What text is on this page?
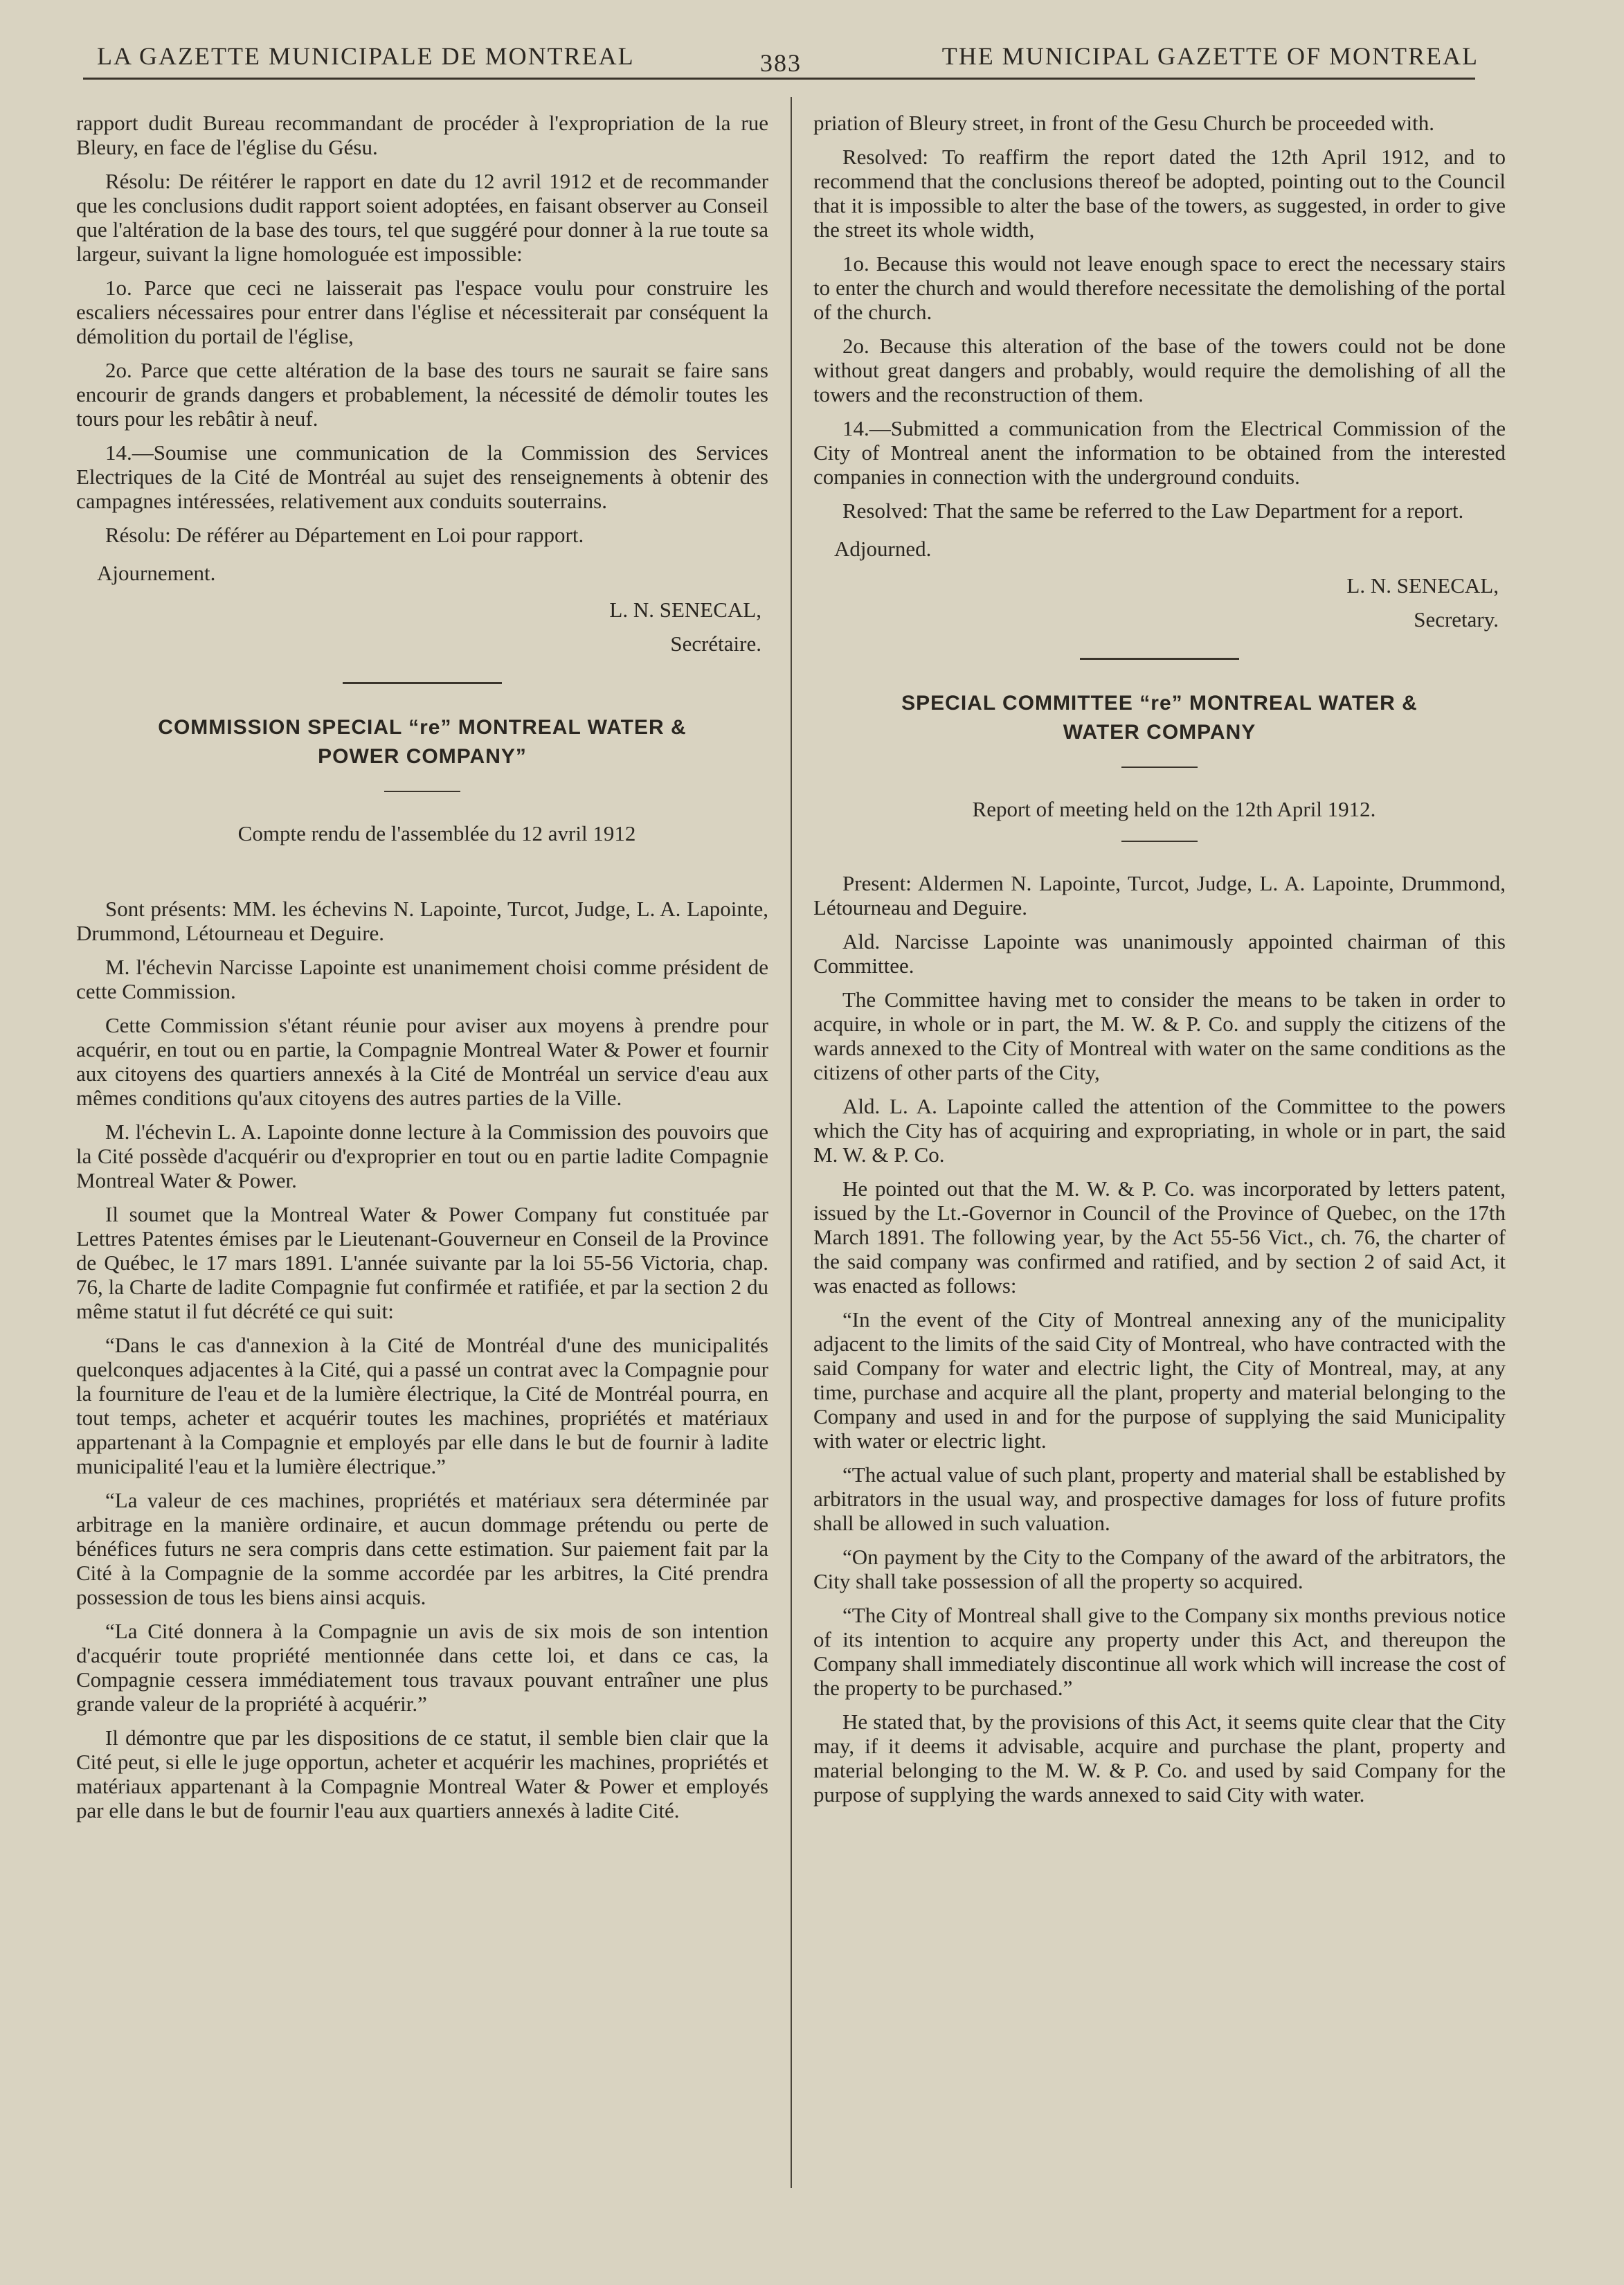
LA GAZETTE MUNICIPALE DE MONTREAL	383	THE MUNICIPAL GAZETTE OF MONTREAL

rapport dudit Bureau recommandant de procéder à l'expropriation de la rue Bleury, en face de l'église du Gésu.

Résolu: De réitérer le rapport en date du 12 avril 1912 et de recommander que les conclusions dudit rapport soient adoptées, en faisant observer au Conseil que l'altération de la base des tours, tel que suggéré pour donner à la rue toute sa largeur, suivant la ligne homologuée est impossible:

1o. Parce que ceci ne laisserait pas l'espace voulu pour construire les escaliers nécessaires pour entrer dans l'église et nécessiterait par conséquent la démolition du portail de l'église,

2o. Parce que cette altération de la base des tours ne saurait se faire sans encourir de grands dangers et probablement, la nécessité de démolir toutes les tours pour les rebâtir à neuf.

14.—Soumise une communication de la Commission des Services Electriques de la Cité de Montréal au sujet des renseignements à obtenir des campagnes intéressées, relativement aux conduits souterrains.

Résolu: De référer au Département en Loi pour rapport.

Ajournement.

L. N. SENECAL,

Secrétaire.

COMMISSION SPECIAL “re” MONTREAL WATER &
POWER COMPANY”

Compte rendu de l'assemblée du 12 avril 1912

Sont présents: MM. les échevins N. Lapointe, Turcot, Judge, L. A. Lapointe, Drummond, Létourneau et Deguire.

M. l'échevin Narcisse Lapointe est unanimement choisi comme président de cette Commission.

Cette Commission s'étant réunie pour aviser aux moyens à prendre pour acquérir, en tout ou en partie, la Compagnie Montreal Water & Power et fournir aux citoyens des quartiers annexés à la Cité de Montréal un service d'eau aux mêmes conditions qu'aux citoyens des autres parties de la Ville.

M. l'échevin L. A. Lapointe donne lecture à la Commission des pouvoirs que la Cité possède d'acquérir ou d'exproprier en tout ou en partie ladite Compagnie Montreal Water & Power.

Il soumet que la Montreal Water & Power Company fut constituée par Lettres Patentes émises par le Lieutenant-Gouverneur en Conseil de la Province de Québec, le 17 mars 1891. L'année suivante par la loi 55-56 Victoria, chap. 76, la Charte de ladite Compagnie fut confirmée et ratifiée, et par la section 2 du même statut il fut décrété ce qui suit:

“Dans le cas d'annexion à la Cité de Montréal d'une des municipalités quelconques adjacentes à la Cité, qui a passé un contrat avec la Compagnie pour la fourniture de l'eau et de la lumière électrique, la Cité de Montréal pourra, en tout temps, acheter et acquérir toutes les machines, propriétés et matériaux appartenant à la Compagnie et employés par elle dans le but de fournir à ladite municipalité l'eau et la lumière électrique.”

“La valeur de ces machines, propriétés et matériaux sera déterminée par arbitrage en la manière ordinaire, et aucun dommage prétendu ou perte de bénéfices futurs ne sera compris dans cette estimation. Sur paiement fait par la Cité à la Compagnie de la somme accordée par les arbitres, la Cité prendra possession de tous les biens ainsi acquis.

“La Cité donnera à la Compagnie un avis de six mois de son intention d'acquérir toute propriété mentionnée dans cette loi, et dans ce cas, la Compagnie cessera immédiatement tous travaux pouvant entraîner une plus grande valeur de la propriété à acquérir.”

Il démontre que par les dispositions de ce statut, il semble bien clair que la Cité peut, si elle le juge opportun, acheter et acquérir les machines, propriétés et matériaux appartenant à la Compagnie Montreal Water & Power et employés par elle dans le but de fournir l'eau aux quartiers annexés à ladite Cité.

priation of Bleury street, in front of the Gesu Church be proceeded with.

Resolved: To reaffirm the report dated the 12th April 1912, and to recommend that the conclusions thereof be adopted, pointing out to the Council that it is impossible to alter the base of the towers, as suggested, in order to give the street its whole width,

1o. Because this would not leave enough space to erect the necessary stairs to enter the church and would therefore necessitate the demolishing of the portal of the church.

2o. Because this alteration of the base of the towers could not be done without great dangers and probably, would require the demolishing of all the towers and the reconstruction of them.

14.—Submitted a communication from the Electrical Commission of the City of Montreal anent the information to be obtained from the interested companies in connection with the underground conduits.

Resolved: That the same be referred to the Law Department for a report.

Adjourned.

L. N. SENECAL,

Secretary.

SPECIAL COMMITTEE “re” MONTREAL WATER &
WATER COMPANY

Report of meeting held on the 12th April 1912.

Present: Aldermen N. Lapointe, Turcot, Judge, L. A. Lapointe, Drummond, Létourneau and Deguire.

Ald. Narcisse Lapointe was unanimously appointed chairman of this Committee.

The Committee having met to consider the means to be taken in order to acquire, in whole or in part, the M. W. & P. Co. and supply the citizens of the wards annexed to the City of Montreal with water on the same conditions as the citizens of other parts of the City,

Ald. L. A. Lapointe called the attention of the Committee to the powers which the City has of acquiring and expropriating, in whole or in part, the said M. W. & P. Co.

He pointed out that the M. W. & P. Co. was incorporated by letters patent, issued by the Lt.-Governor in Council of the Province of Quebec, on the 17th March 1891. The following year, by the Act 55-56 Vict., ch. 76, the charter of the said company was confirmed and ratified, and by section 2 of said Act, it was enacted as follows:

“In the event of the City of Montreal annexing any of the municipality adjacent to the limits of the said City of Montreal, who have contracted with the said Company for water and electric light, the City of Montreal, may, at any time, purchase and acquire all the plant, property and material belonging to the Company and used in and for the purpose of supplying the said Municipality with water or electric light.

“The actual value of such plant, property and material shall be established by arbitrators in the usual way, and prospective damages for loss of future profits shall be allowed in such valuation.

“On payment by the City to the Company of the award of the arbitrators, the City shall take possession of all the property so acquired.

“The City of Montreal shall give to the Company six months previous notice of its intention to acquire any property under this Act, and thereupon the Company shall immediately discontinue all work which will increase the cost of the property to be purchased.”

He stated that, by the provisions of this Act, it seems quite clear that the City may, if it deems it advisable, acquire and purchase the plant, property and material belonging to the M. W. & P. Co. and used by said Company for the purpose of supplying the wards annexed to said City with water.
